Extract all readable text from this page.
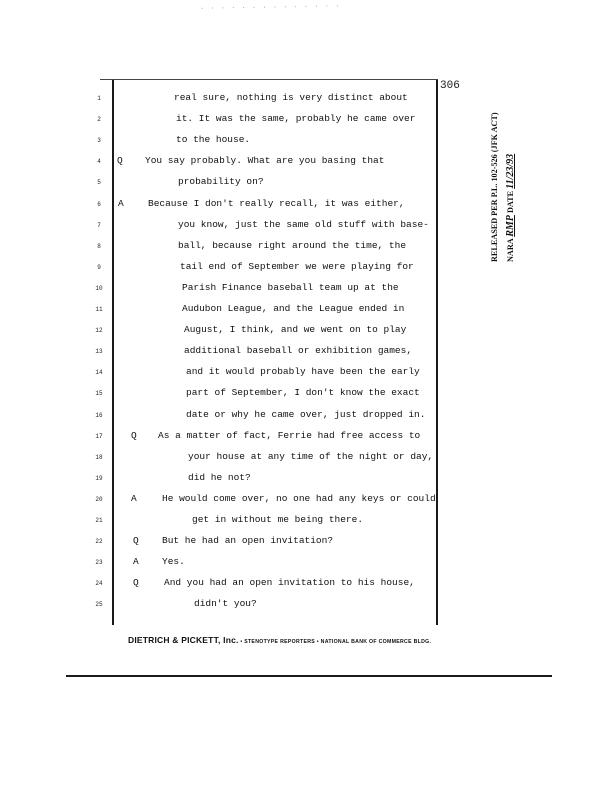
· · · · · · · · · · · · · ·
306
1	real sure, nothing is very distinct about
2	it. It was the same, probably he came over
3	to the house.
4	Q You say probably. What are you basing that
5	probability on?
6	A	Because I don't really recall, it was either,
7	you know, just the same old stuff with base-
8	ball, because right around the time, the
9	tail end of September we were playing for
10	Parish Finance baseball team up at the
11	Audubon League, and the League ended in
12	August, I think, and we went on to play
13	additional baseball or exhibition games,
14	and it would probably have been the early
15	part of September, I don't know the exact
16	date or why he came over, just dropped in.
17	Q As a matter of fact, Ferrie had free access to
18	your house at any time of the night or day,
19	did he not?
20	A	He would come over, no one had any keys or could
21	get in without me being there.
22	Q But he had an open invitation?
23	A Yes.
24	Q	And you had an open invitation to his house,
25	didn't you?
RELEASED PER P.L. 102-526 (JFK ACT) NARA RMP DATE 11/23/93
DIETRICH & PICKETT, Inc. • STENOTYPE REPORTERS • NATIONAL BANK OF COMMERCE BLDG.
